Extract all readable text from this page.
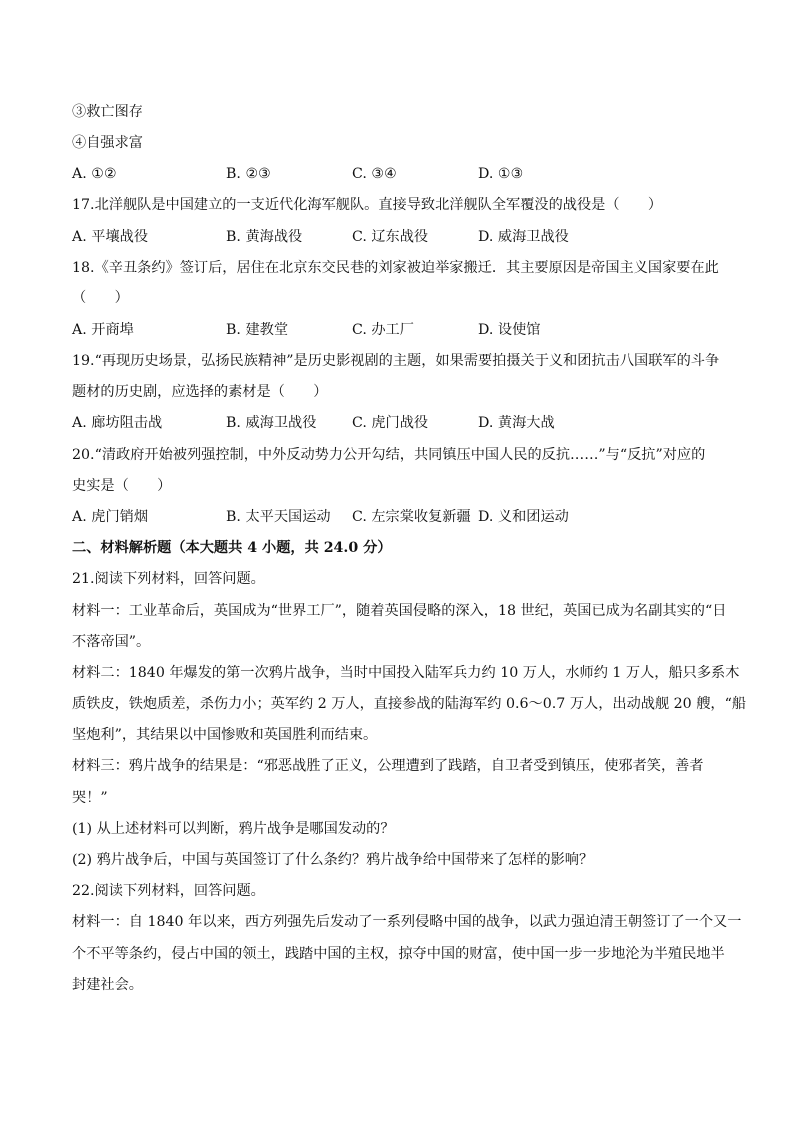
③救亡图存
④自强求富
A. ①②	B. ②③	C. ③④	D. ①③
17.北洋舰队是中国建立的一支近代化海军舰队。直接导致北洋舰队全军覆没的战役是（　　）
A. 平壤战役	B. 黄海战役	C. 辽东战役	D. 威海卫战役
18.《辛丑条约》签订后，居住在北京东交民巷的刘家被迫举家搬迁．其主要原因是帝国主义国家要在此
（　　）
A. 开商埠	B. 建教堂	C. 办工厂	D. 设使馆
19.“再现历史场景，弘扬民族精神”是历史影视剧的主题，如果需要拍摄关于义和团抗击八国联军的斗争
题材的历史剧，应选择的素材是（　　）
A. 廊坊阻击战	B. 威海卫战役	C. 虎门战役	D. 黄海大战
20.“清政府开始被列强控制，中外反动势力公开勾结，共同镇压中国人民的反抗……”与“反抗”对应的
史实是（　　）
A. 虎门销烟	B. 太平天国运动 C. 左宗棠收复新疆 D. 义和团运动
二、材料解析题（本大题共 4 小题，共 24.0 分）
21.阅读下列材料，回答问题。
材料一：工业革命后，英国成为“世界工厂”，随着英国侵略的深入，18 世纪，英国已成为名副其实的“日
不落帝国”。
材料二：1840 年爆发的第一次鸦片战争，当时中国投入陆军兵力约 10 万人，水师约 1 万人，船只多系木
质铁皮，铁炮质差，杀伤力小；英军约 2 万人，直接参战的陆海军约 0.6～0.7 万人，出动战舰 20 艘，“船
坚炮利”，其结果以中国惨败和英国胜利而结束。
材料三：鸦片战争的结果是：“邪恶战胜了正义，公理遭到了践踏，自卫者受到镇压，使邪者笑，善者
哭！”
(1) 从上述材料可以判断，鸦片战争是哪国发动的？
(2) 鸦片战争后，中国与英国签订了什么条约？鸦片战争给中国带来了怎样的影响？
22.阅读下列材料，回答问题。
材料一：自 1840 年以来，西方列强先后发动了一系列侵略中国的战争，以武力强迫清王朝签订了一个又一
个不平等条约，侵占中国的领土，践踏中国的主权，掠夺中国的财富，使中国一步一步地沦为半殖民地半
封建社会。
